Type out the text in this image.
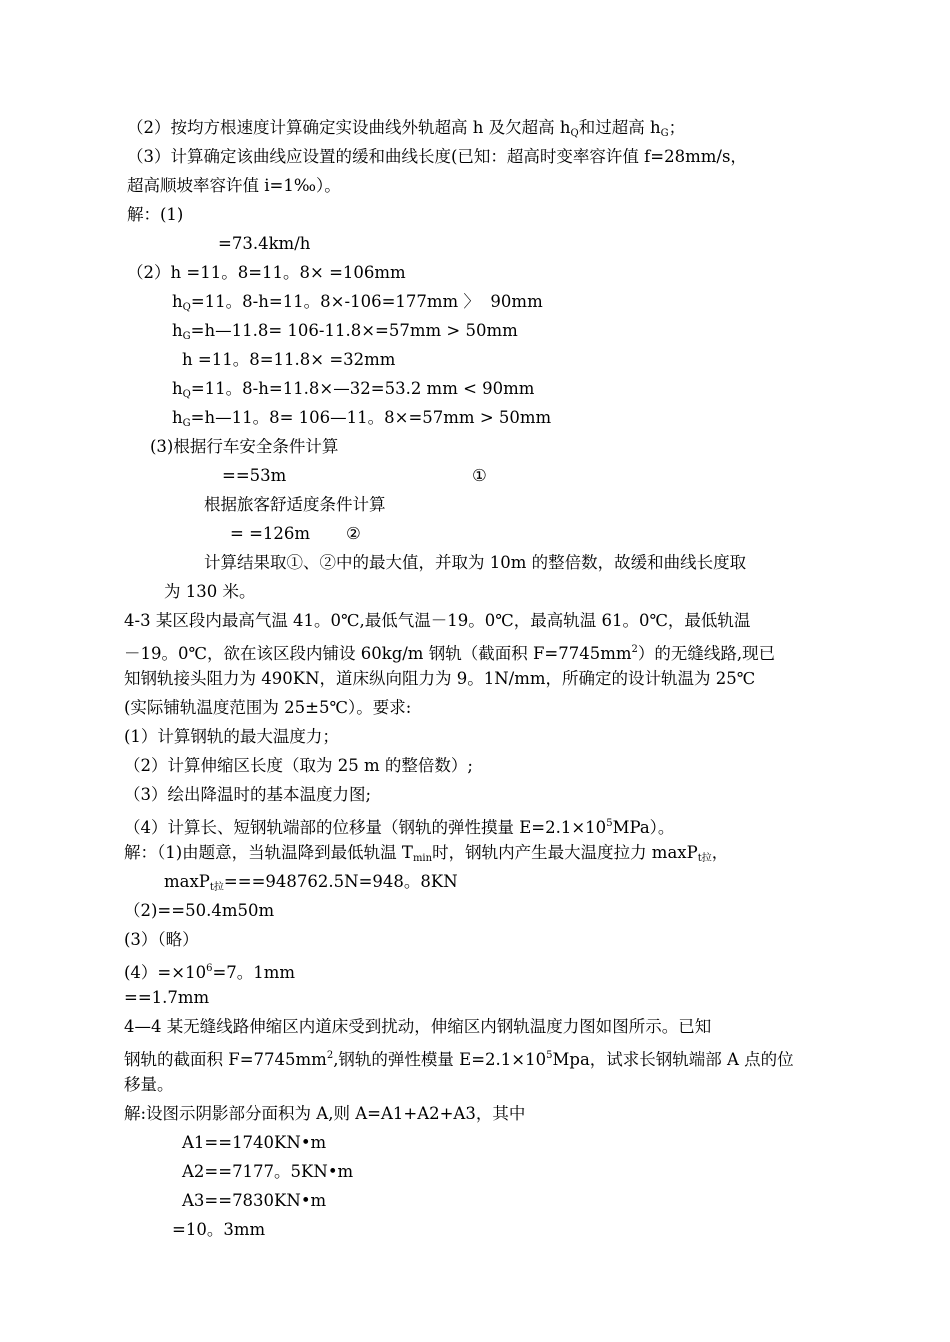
（2）按均方根速度计算确定实设曲线外轨超高 h 及欠超高 $h_Q$和过超高 $h_G$；
（3）计算确定该曲线应设置的缓和曲线长度(已知：超高时变率容许值 f=28mm/s，
超高顺坡率容许值 i=1‰）。
解：(1)
=73.4km/h
（2）h =11。8=11。8× =106mm
$h_Q=11$。8-h=11。8×-106=177mm 〉  90mm
$h_G=h—11.8= 106-11.8\times=57mm > 50mm$
h =11。8=11.8× =32mm
$h_Q=11$。8-h=11.8×—32=53.2 mm < 90mm
$h_G=h—11$。8= 106—11。8×=57mm > 50mm
(3)根据行车安全条件计算
==53m	①
根据旅客舒适度条件计算
= =126m ②
计算结果取①、②中的最大值，并取为 10m 的整倍数，故缓和曲线长度取
为 130 米。
4-3 某区段内最高气温 41。0℃,最低气温－19。0℃，最高轨温 61。0℃，最低轨温
－19。0℃，欲在该区段内铺设 60kg/m 钢轨（截面积 $F=7745mm^2$）的无缝线路,现已
知钢轨接头阻力为 490KN，道床纵向阻力为 9。1N/mm，所确定的设计轨温为 25℃
(实际铺轨温度范围为 25±5℃）。要求:
(1）计算钢轨的最大温度力；
（2）计算伸缩区长度（取为 25 m 的整倍数）;
（3）绘出降温时的基本温度力图;
（4）计算长、短钢轨端部的位移量（钢轨的弹性摸量 $E=2.1\times 10^5MPa$）。
解：（1)由题意，当轨温降到最低轨温 $T_{min}$时，钢轨内产生最大温度拉力 maxP$_{t拉}$，
maxP$_{t拉}$===948762.5N=948。8KN
（2)==50.4m50m
(3）（略）
$(4)=\times 10^6=7$。1mm
==1.7mm
4—4 某无缝线路伸缩区内道床受到扰动，伸缩区内钢轨温度力图如图所示。已知
钢轨的截面积 $F=7745mm^2$,钢轨的弹性模量 $E=2.1\times 10^5Mpa$，试求长钢轨端部 A 点的位
移量。
解:设图示阴影部分面积为 A,则 A=A1+A2+A3，其中
A1==1740KN•m
A2==7177。5KN•m
A3==7830KN•m
=10。3mm
